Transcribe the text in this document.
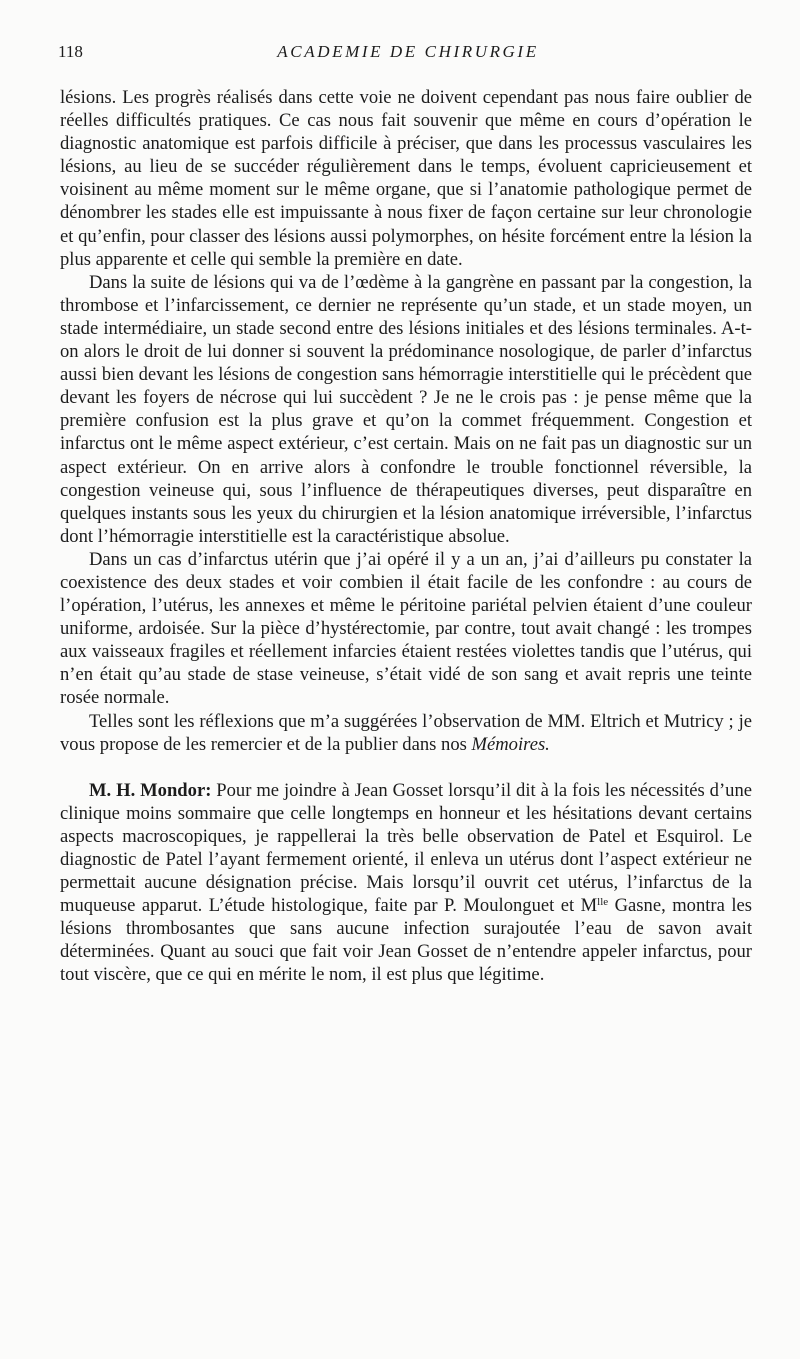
118	ACADEMIE DE CHIRURGIE

lésions. Les progrès réalisés dans cette voie ne doivent cependant pas nous faire oublier de réelles difficultés pratiques. Ce cas nous fait souvenir que même en cours d’opération le diagnostic anatomique est parfois difficile à préciser, que dans les processus vasculaires les lésions, au lieu de se succéder régulièrement dans le temps, évoluent capricieusement et voisinent au même moment sur le même organe, que si l’anatomie pathologique permet de dénombrer les stades elle est impuissante à nous fixer de façon certaine sur leur chronologie et qu’enfin, pour classer des lésions aussi polymorphes, on hésite forcément entre la lésion la plus apparente et celle qui semble la première en date.

Dans la suite de lésions qui va de l’œdème à la gangrène en passant par la congestion, la thrombose et l’infarcissement, ce dernier ne représente qu’un stade, et un stade moyen, un stade intermédiaire, un stade second entre des lésions initiales et des lésions terminales. A-t-on alors le droit de lui donner si souvent la prédominance nosologique, de parler d’infarctus aussi bien devant les lésions de congestion sans hémorragie interstitielle qui le précèdent que devant les foyers de nécrose qui lui succèdent ? Je ne le crois pas : je pense même que la première confusion est la plus grave et qu’on la commet fréquemment. Congestion et infarctus ont le même aspect extérieur, c’est certain. Mais on ne fait pas un diagnostic sur un aspect extérieur. On en arrive alors à confondre le trouble fonctionnel réversible, la congestion veineuse qui, sous l’influence de thérapeutiques diverses, peut disparaître en quelques instants sous les yeux du chirurgien et la lésion anatomique irréversible, l’infarctus dont l’hémorragie interstitielle est la caractéristique absolue.

Dans un cas d’infarctus utérin que j’ai opéré il y a un an, j’ai d’ailleurs pu constater la coexistence des deux stades et voir combien il était facile de les confondre : au cours de l’opération, l’utérus, les annexes et même le péritoine pariétal pelvien étaient d’une couleur uniforme, ardoisée. Sur la pièce d’hystérectomie, par contre, tout avait changé : les trompes aux vaisseaux fragiles et réellement infarcies étaient restées violettes tandis que l’utérus, qui n’en était qu’au stade de stase veineuse, s’était vidé de son sang et avait repris une teinte rosée normale.

Telles sont les réflexions que m’a suggérées l’observation de MM. Eltrich et Mutricy ; je vous propose de les remercier et de la publier dans nos Mémoires.

M. H. Mondor: Pour me joindre à Jean Gosset lorsqu’il dit à la fois les nécessités d’une clinique moins sommaire que celle longtemps en honneur et les hésitations devant certains aspects macroscopiques, je rappellerai la très belle observation de Patel et Esquirol. Le diagnostic de Patel l’ayant fermement orienté, il enleva un utérus dont l’aspect extérieur ne permettait aucune désignation précise. Mais lorsqu’il ouvrit cet utérus, l’infarctus de la muqueuse apparut. L’étude histologique, faite par P. Moulonguet et $M^{lle}$ Gasne, montra les lésions thrombosantes que sans aucune infection surajoutée l’eau de savon avait déterminées. Quant au souci que fait voir Jean Gosset de n’entendre appeler infarctus, pour tout viscère, que ce qui en mérite le nom, il est plus que légitime.
